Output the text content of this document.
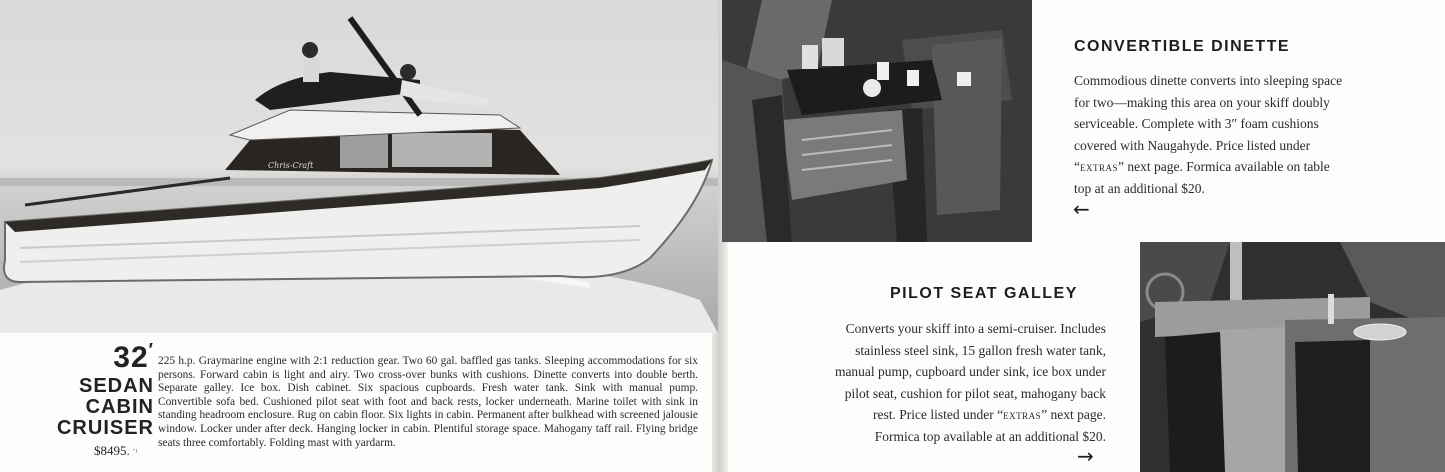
Chris-Craft
32′
SEDAN
CABIN
CRUISER
$8495. ʹ¹
225 h.p. Graymarine engine with 2:1 reduction gear. Two 60 gal. baffled gas tanks. Sleeping accommodations for six persons. Forward cabin is light and airy. Two cross-over bunks with cushions. Dinette converts into double berth. Separate galley. Ice box. Dish cabinet. Six spacious cupboards. Fresh water tank. Sink with manual pump. Convertible sofa bed. Cushioned pilot seat with foot and back rests, locker underneath. Marine toilet with sink in standing headroom enclosure. Rug on cabin floor. Six lights in cabin. Permanent after bulkhead with screened jalousie window. Locker under after deck. Hanging locker in cabin. Plentiful storage space. Mahogany taff rail. Flying bridge seats three comfortably. Folding mast with yardarm.
CONVERTIBLE DINETTE
Commodious dinette converts into sleeping space for two—making this area on your skiff doubly serviceable. Complete with 3″ foam cushions covered with Naugahyde. Price listed under “extras” next page. Formica available on table top at an additional $20.
←
PILOT SEAT GALLEY
Converts your skiff into a semi-cruiser. Includes stainless steel sink, 15 gallon fresh water tank, manual pump, cupboard under sink, ice box under pilot seat, cushion for pilot seat, mahogany back rest. Price listed under “extras” next page. Formica top available at an additional $20.
→
